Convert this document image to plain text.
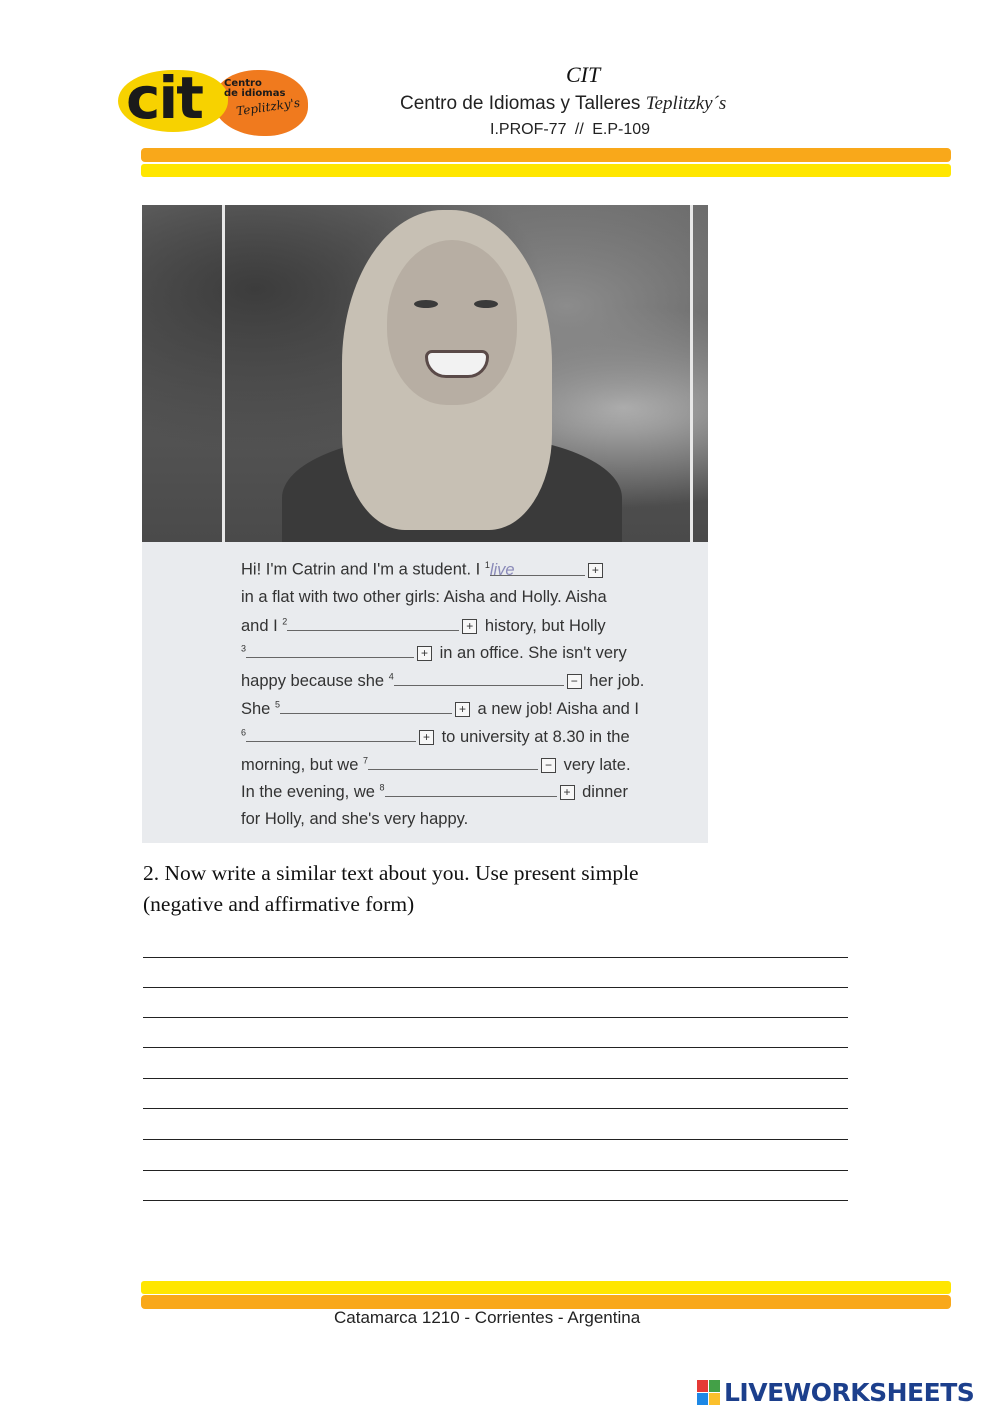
cit Centro
de idiomas
Teplitzky's
CIT
Centro de Idiomas y Talleres Teplitzky´s
I.PROF-77 // E.P-109
Hi! I'm Catrin and I'm a student. I $^1$live	+
in a flat with two other girls: Aisha and Holly. Aisha
and I $^2$	+ history, but Holly
$^3$	+ in an office. She isn't very
happy because she $^4$	− her job.
She $^5$	+ a new job! Aisha and I
$^6$	+ to university at 8.30 in the
morning, but we $^7$	− very late.
In the evening, we $^8$	+ dinner
for Holly, and she's very happy.
2. Now write a similar text about you. Use present simple
(negative and affirmative form)
Catamarca 1210 - Corrientes - Argentina
LIVEWORKSHEETS
